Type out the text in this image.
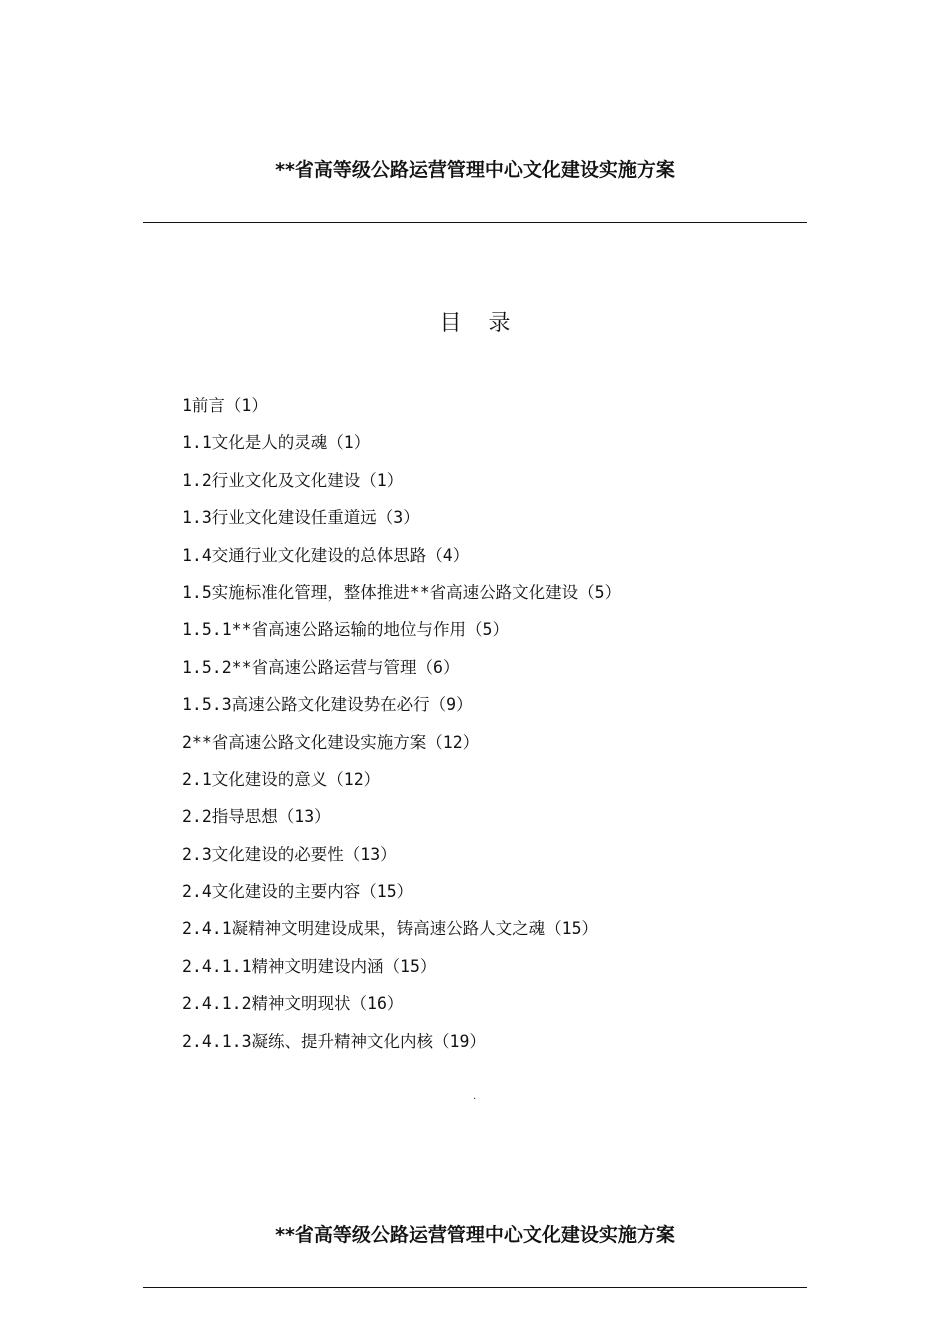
**省高等级公路运营管理中心文化建设实施方案
目 录
1前言（1）
1.1文化是人的灵魂（1）
1.2行业文化及文化建设（1）
1.3行业文化建设任重道远（3）
1.4交通行业文化建设的总体思路（4）
1.5实施标准化管理，整体推进**省高速公路文化建设（5）
1.5.1**省高速公路运输的地位与作用（5）
1.5.2**省高速公路运营与管理（6）
1.5.3高速公路文化建设势在必行（9）
2**省高速公路文化建设实施方案（12）
2.1文化建设的意义（12）
2.2指导思想（13）
2.3文化建设的必要性（13）
2.4文化建设的主要内容（15）
2.4.1凝精神文明建设成果，铸高速公路人文之魂（15）
2.4.1.1精神文明建设内涵（15）
2.4.1.2精神文明现状（16）
2.4.1.3凝练、提升精神文化内核（19）
·
**省高等级公路运营管理中心文化建设实施方案
